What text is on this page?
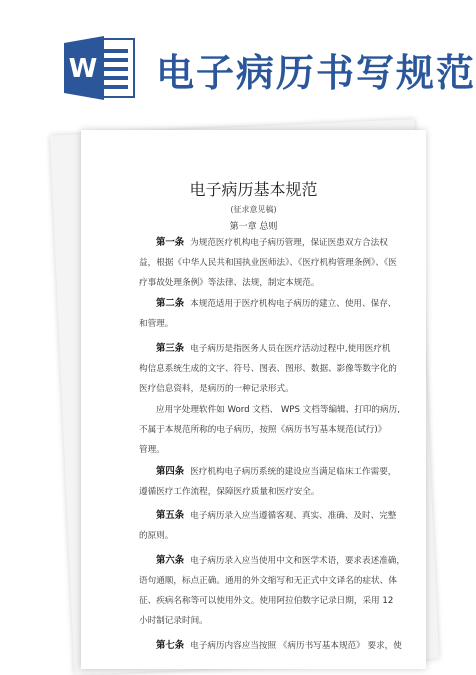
W 电子病历书写规范
电子病历基本规范
(征求意见稿)
第一章 总则
第一条 为规范医疗机构电子病历管理，保证医患双方合法权
益，根据《中华人民共和国执业医师法》、《医疗机构管理条例》、《医
疗事故处理条例》等法律、法规，制定本规范。
第二条 本规范适用于医疗机构电子病历的建立、使用、保存、
和管理。
第三条 电子病历是指医务人员在医疗活动过程中,使用医疗机
构信息系统生成的文字、符号、图表、图形、数据、影像等数字化的
医疗信息资料，是病历的一种记录形式。
应用字处理软件如 Word 文档、 WPS 文档等编辑、打印的病历,
不属于本规范所称的电子病历，按照《病历书写基本规范(试行)》
管理。
第四条 医疗机构电子病历系统的建设应当满足临床工作需要，
遵循医疗工作流程，保障医疗质量和医疗安全。
第五条 电子病历录入应当遵循客观、真实、准确、及时、完整
的原则。
第六条 电子病历录入应当使用中文和医学术语，要求表述准确，
语句通顺，标点正确。通用的外文缩写和无正式中文译名的症状、体
征、疾病名称等可以使用外文。使用阿拉伯数字记录日期，采用 12
小时制记录时间。
第七条 电子病历内容应当按照 《病历书写基本规范》 要求，使
